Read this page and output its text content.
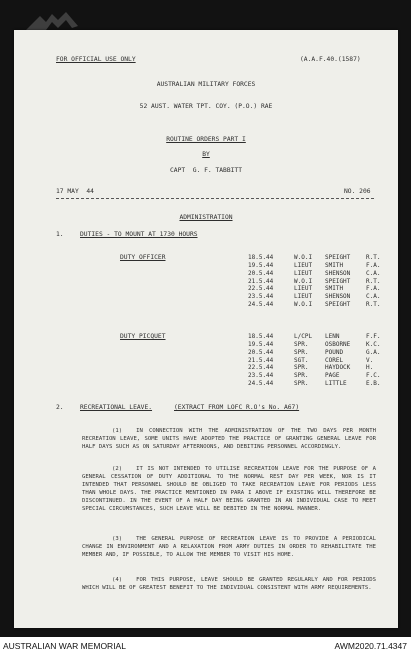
FOR OFFICIAL USE ONLY	(A.A.F.40.(1587)
AUSTRALIAN MILITARY FORCES
52 AUST. WATER TPT. COY. (P.O.) RAE
ROUTINE ORDERS PART I
BY
CAPT  G. F. TABBITT
17 MAY  44	NO. 206
ADMINISTRATION
1.	DUTIES - TO MOUNT AT 1730 HOURS
DUTY OFFICER	18.5.44	W.O.I SPEIGHT	R.T.
19.5.44	LIEUT SMITH	F.A.
20.5.44	LIEUT SHENSON	C.A.
21.5.44	W.O.I SPEIGHT	R.T.
22.5.44	LIEUT SMITH	F.A.
23.5.44	LIEUT SHENSON	C.A.
24.5.44	W.O.I SPEIGHT	R.T.
DUTY PICQUET	18.5.44	L/CPL LENN	F.F.
19.5.44	SPR.	OSBORNE	K.C.
20.5.44	SPR.	POUND	G.A.
21.5.44	SGT.	COREL	V.
22.5.44	SPR.	HAYDOCK	H.
23.5.44	SPR.	PAGE	F.C.
24.5.44	SPR.	LITTLE	E.B.
2.	RECREATIONAL LEAVE.	(EXTRACT FROM LOFC R.O's No. A67)
(1)	IN CONNECTION WITH THE ADMINISTRATION OF THE TWO DAYS PER MONTH RECREATION LEAVE, SOME UNITS HAVE ADOPTED THE PRACTICE OF GRANTING GENERAL LEAVE FOR HALF DAYS SUCH AS ON SATURDAY AFTERNOONS, AND DEBITING PERSONNEL ACCORDINGLY.
(2)	IT IS NOT INTENDED TO UTILISE RECREATION LEAVE FOR THE PURPOSE OF A GENERAL CESSATION OF DUTY ADDITIONAL TO THE NORMAL REST DAY PER WEEK, NOR IS IT INTENDED THAT PERSONNEL SHOULD BE OBLIGED TO TAKE RECREATION LEAVE FOR PERIODS LESS THAN WHOLE DAYS. THE PRACTICE MENTIONED IN PARA I ABOVE IF EXISTING WILL THEREFORE BE DISCONTINUED. IN THE EVENT OF A HALF DAY BEING GRANTED IN AN INDIVIDUAL CASE TO MEET SPECIAL CIRCUMSTANCES, SUCH LEAVE WILL BE DEBITED IN THE NORMAL MANNER.
(3)	THE GENERAL PURPOSE OF RECREATION LEAVE IS TO PROVIDE A PERIODICAL CHANGE IN ENVIRONMENT AND A RELAXATION FROM ARMY DUTIES IN ORDER TO REHABILITATE THE MEMBER AND, IF POSSIBLE, TO ALLOW THE MEMBER TO VISIT HIS HOME.
(4)	FOR THIS PURPOSE, LEAVE SHOULD BE GRANTED REGULARLY AND FOR PERIODS WHICH WILL BE OF GREATEST BENEFIT TO THE INDIVIDUAL CONSISTENT WITH ARMY REQUIREMENTS.
AUSTRALIAN WAR MEMORIAL	AWM2020.71.4347
